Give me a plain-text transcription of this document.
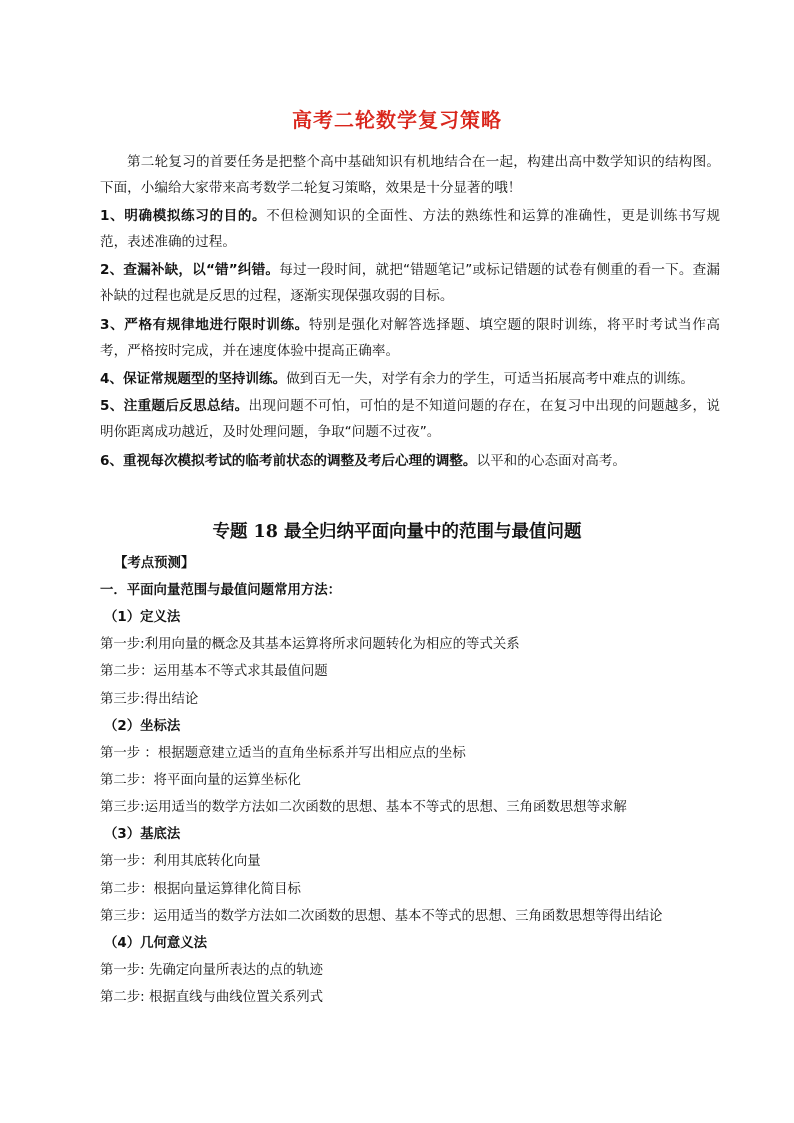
高考二轮数学复习策略
第二轮复习的首要任务是把整个高中基础知识有机地结合在一起，构建出高中数学知识的结构图。下面，小编给大家带来高考数学二轮复习策略，效果是十分显著的哦！
1、明确模拟练习的目的。不但检测知识的全面性、方法的熟练性和运算的准确性，更是训练书写规范，表述准确的过程。
2、查漏补缺，以“错”纠错。每过一段时间，就把“错题笔记”或标记错题的试卷有侧重的看一下。查漏补缺的过程也就是反思的过程，逐渐实现保强攻弱的目标。
3、严格有规律地进行限时训练。特别是强化对解答选择题、填空题的限时训练，将平时考试当作高考，严格按时完成，并在速度体验中提高正确率。
4、保证常规题型的坚持训练。做到百无一失，对学有余力的学生，可适当拓展高考中难点的训练。
5、注重题后反思总结。出现问题不可怕，可怕的是不知道问题的存在，在复习中出现的问题越多，说明你距离成功越近，及时处理问题，争取“问题不过夜”。
6、重视每次模拟考试的临考前状态的调整及考后心理的调整。以平和的心态面对高考。
专题 18 最全归纳平面向量中的范围与最值问题
【考点预测】
一．平面向量范围与最值问题常用方法：
（1）定义法
第一步:利用向量的概念及其基本运算将所求问题转化为相应的等式关系
第二步：运用基本不等式求其最值问题
第三步:得出结论
（2）坐标法
第一步 ：根据题意建立适当的直角坐标系并写出相应点的坐标
第二步：将平面向量的运算坐标化
第三步:运用适当的数学方法如二次函数的思想、基本不等式的思想、三角函数思想等求解
（3）基底法
第一步：利用其底转化向量
第二步：根据向量运算律化简目标
第三步：运用适当的数学方法如二次函数的思想、基本不等式的思想、三角函数思想等得出结论
（4）几何意义法
第一步: 先确定向量所表达的点的轨迹
第二步: 根据直线与曲线位置关系列式
